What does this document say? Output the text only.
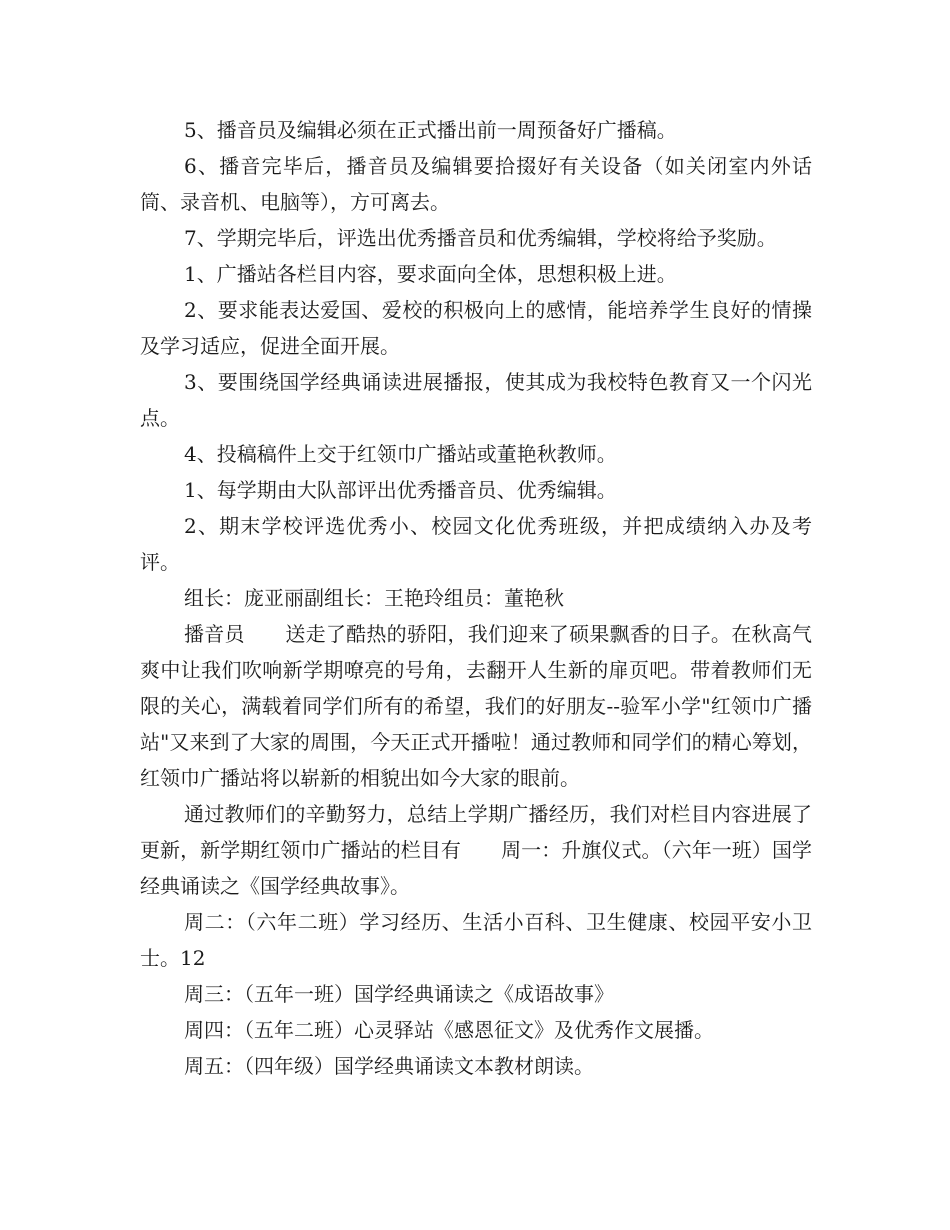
5、播音员及编辑必须在正式播出前一周预备好广播稿。

6、播音完毕后，播音员及编辑要拾掇好有关设备（如关闭室内外话筒、录音机、电脑等），方可离去。

7、学期完毕后，评选出优秀播音员和优秀编辑，学校将给予奖励。

1、广播站各栏目内容，要求面向全体，思想积极上进。

2、要求能表达爱国、爱校的积极向上的感情，能培养学生良好的情操及学习适应，促进全面开展。

3、要围绕国学经典诵读进展播报，使其成为我校特色教育又一个闪光点。

4、投稿稿件上交于红领巾广播站或董艳秋教师。

1、每学期由大队部评出优秀播音员、优秀编辑。

2、期末学校评选优秀小、校园文化优秀班级，并把成绩纳入办及考评。

组长：庞亚丽副组长：王艳玲组员：董艳秋

播音员　　送走了酷热的骄阳，我们迎来了硕果飘香的日子。在秋高气爽中让我们吹响新学期嘹亮的号角，去翻开人生新的扉页吧。带着教师们无限的关心，满载着同学们所有的希望，我们的好朋友--验军小学"红领巾广播站"又来到了大家的周围，今天正式开播啦！通过教师和同学们的精心筹划，红领巾广播站将以崭新的相貌出如今大家的眼前。

通过教师们的辛勤努力，总结上学期广播经历，我们对栏目内容进展了更新，新学期红领巾广播站的栏目有　　周一：升旗仪式。（六年一班）国学经典诵读之《国学经典故事》。

周二：（六年二班）学习经历、生活小百科、卫生健康、校园平安小卫士。12

周三：（五年一班）国学经典诵读之《成语故事》

周四：（五年二班）心灵驿站《感恩征文》及优秀作文展播。

周五：（四年级）国学经典诵读文本教材朗读。
